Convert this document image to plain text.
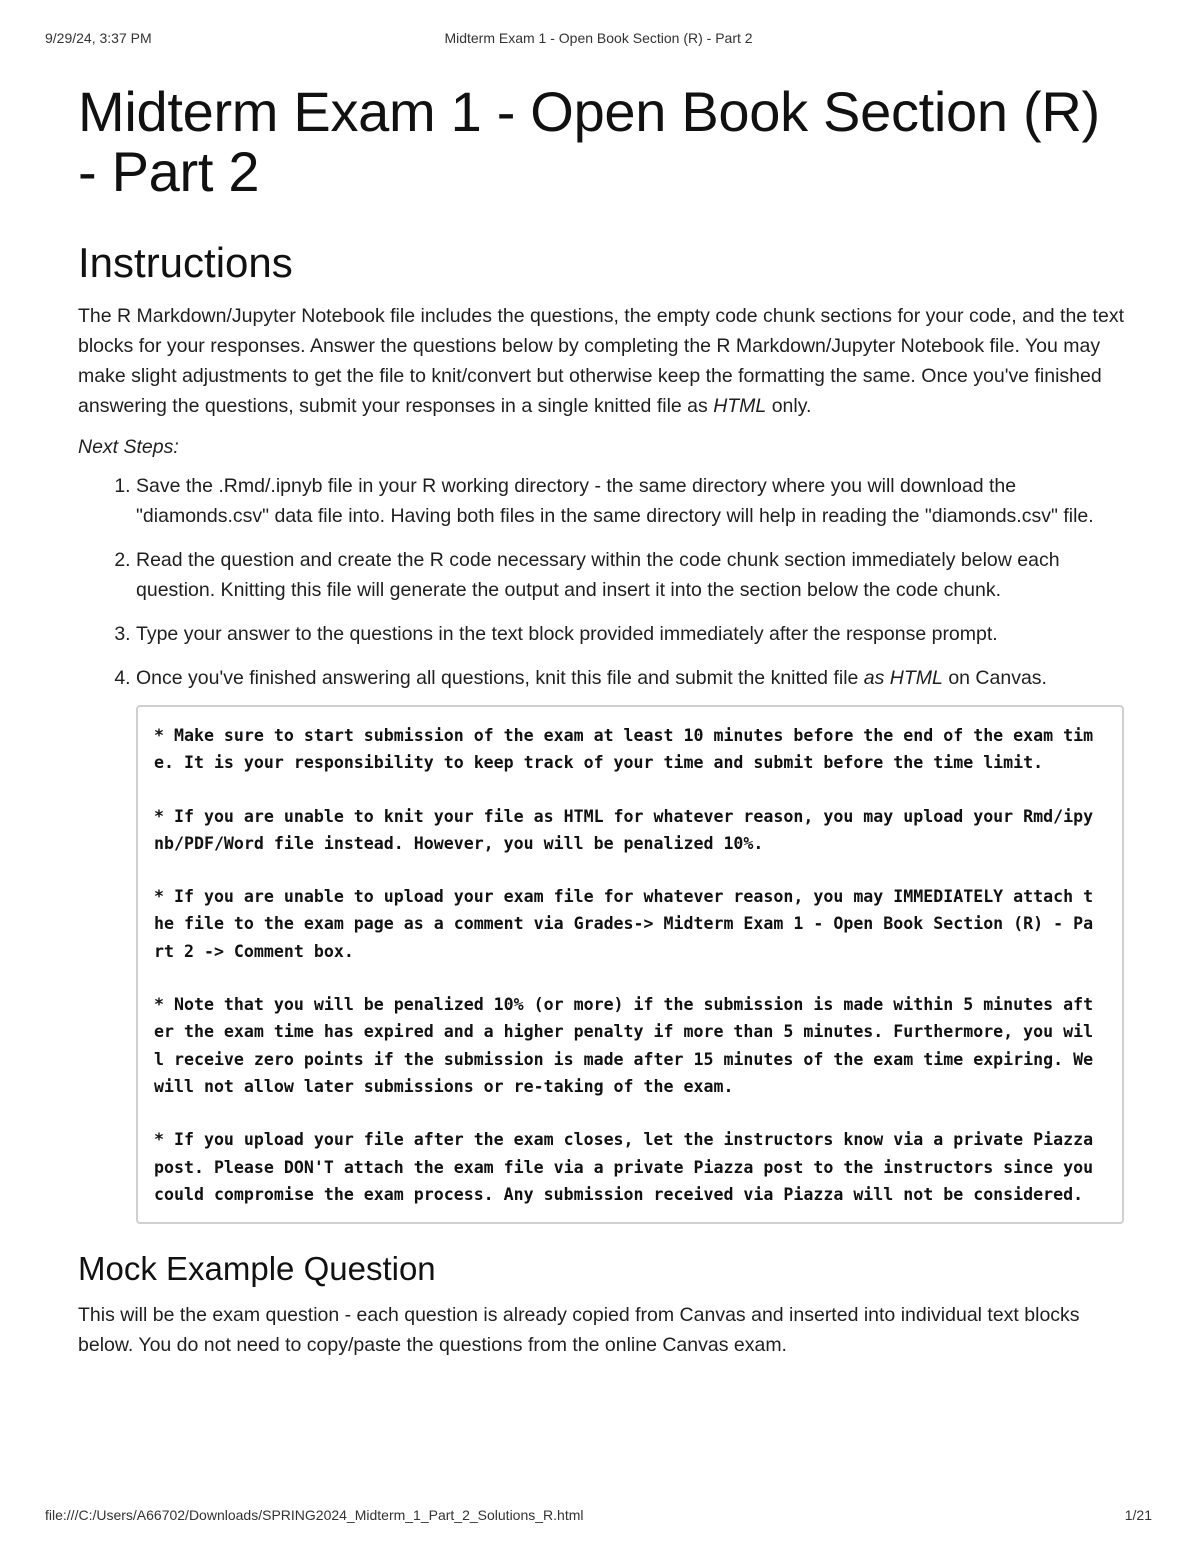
9/29/24, 3:37 PM	Midterm Exam 1 - Open Book Section (R) - Part 2
Midterm Exam 1 - Open Book Section (R) - Part 2
Instructions

The R Markdown/Jupyter Notebook file includes the questions, the empty code chunk sections for your code, and the text blocks for your responses. Answer the questions below by completing the R Markdown/Jupyter Notebook file. You may make slight adjustments to get the file to knit/convert but otherwise keep the formatting the same. Once you've finished answering the questions, submit your responses in a single knitted file as HTML only.

Next Steps:

1. Save the .Rmd/.ipnyb file in your R working directory - the same directory where you will download the "diamonds.csv" data file into. Having both files in the same directory will help in reading the "diamonds.csv" file.
2. Read the question and create the R code necessary within the code chunk section immediately below each question. Knitting this file will generate the output and insert it into the section below the code chunk.
3. Type your answer to the questions in the text block provided immediately after the response prompt.
4. Once you've finished answering all questions, knit this file and submit the knitted file as HTML on Canvas.

* Make sure to start submission of the exam at least 10 minutes before the end of the exam time. It is your responsibility to keep track of your time and submit before the time limit.

* If you are unable to knit your file as HTML for whatever reason, you may upload your Rmd/ipynb/PDF/Word file instead. However, you will be penalized 10%.

* If you are unable to upload your exam file for whatever reason, you may IMMEDIATELY attach the file to the exam page as a comment via Grades-> Midterm Exam 1 - Open Book Section (R) - Part 2 -> Comment box.

* Note that you will be penalized 10% (or more) if the submission is made within 5 minutes after the exam time has expired and a higher penalty if more than 5 minutes. Furthermore, you will receive zero points if the submission is made after 15 minutes of the exam time expiring. We will not allow later submissions or re-taking of the exam.

* If you upload your file after the exam closes, let the instructors know via a private Piazza post. Please DON'T attach the exam file via a private Piazza post to the instructors since you could compromise the exam process. Any submission received via Piazza will not be considered.

Mock Example Question

This will be the exam question - each question is already copied from Canvas and inserted into individual text blocks below. You do not need to copy/paste the questions from the online Canvas exam.

file:///C:/Users/A66702/Downloads/SPRING2024_Midterm_1_Part_2_Solutions_R.html	1/21
